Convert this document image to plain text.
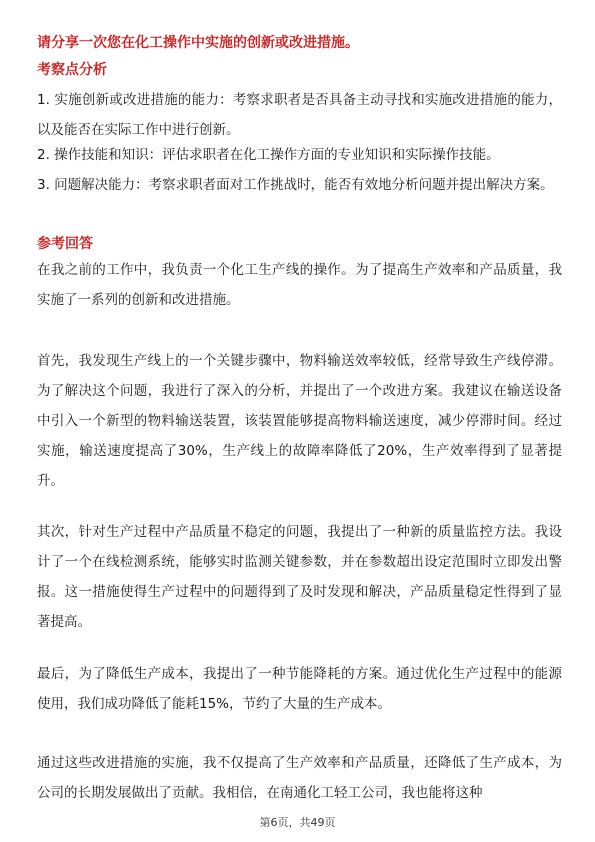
请分享一次您在化工操作中实施的创新或改进措施。

考察点分析

1. 实施创新或改进措施的能力：考察求职者是否具备主动寻找和实施改进措施的能力，以及能否在实际工作中进行创新。

2. 操作技能和知识：评估求职者在化工操作方面的专业知识和实际操作技能。

3. 问题解决能力：考察求职者面对工作挑战时，能否有效地分析问题并提出解决方案。

参考回答

在我之前的工作中，我负责一个化工生产线的操作。为了提高生产效率和产品质量，我实施了一系列的创新和改进措施。

首先，我发现生产线上的一个关键步骤中，物料输送效率较低，经常导致生产线停滞。为了解决这个问题，我进行了深入的分析，并提出了一个改进方案。我建议在输送设备中引入一个新型的物料输送装置，该装置能够提高物料输送速度，减少停滞时间。经过实施，输送速度提高了30%，生产线上的故障率降低了20%，生产效率得到了显著提升。

其次，针对生产过程中产品质量不稳定的问题，我提出了一种新的质量监控方法。我设计了一个在线检测系统，能够实时监测关键参数，并在参数超出设定范围时立即发出警报。这一措施使得生产过程中的问题得到了及时发现和解决，产品质量稳定性得到了显著提高。

最后，为了降低生产成本，我提出了一种节能降耗的方案。通过优化生产过程中的能源使用，我们成功降低了能耗15%，节约了大量的生产成本。

通过这些改进措施的实施，我不仅提高了生产效率和产品质量，还降低了生产成本，为公司的长期发展做出了贡献。我相信，在南通化工轻工公司，我也能将这种

第6页，共49页
